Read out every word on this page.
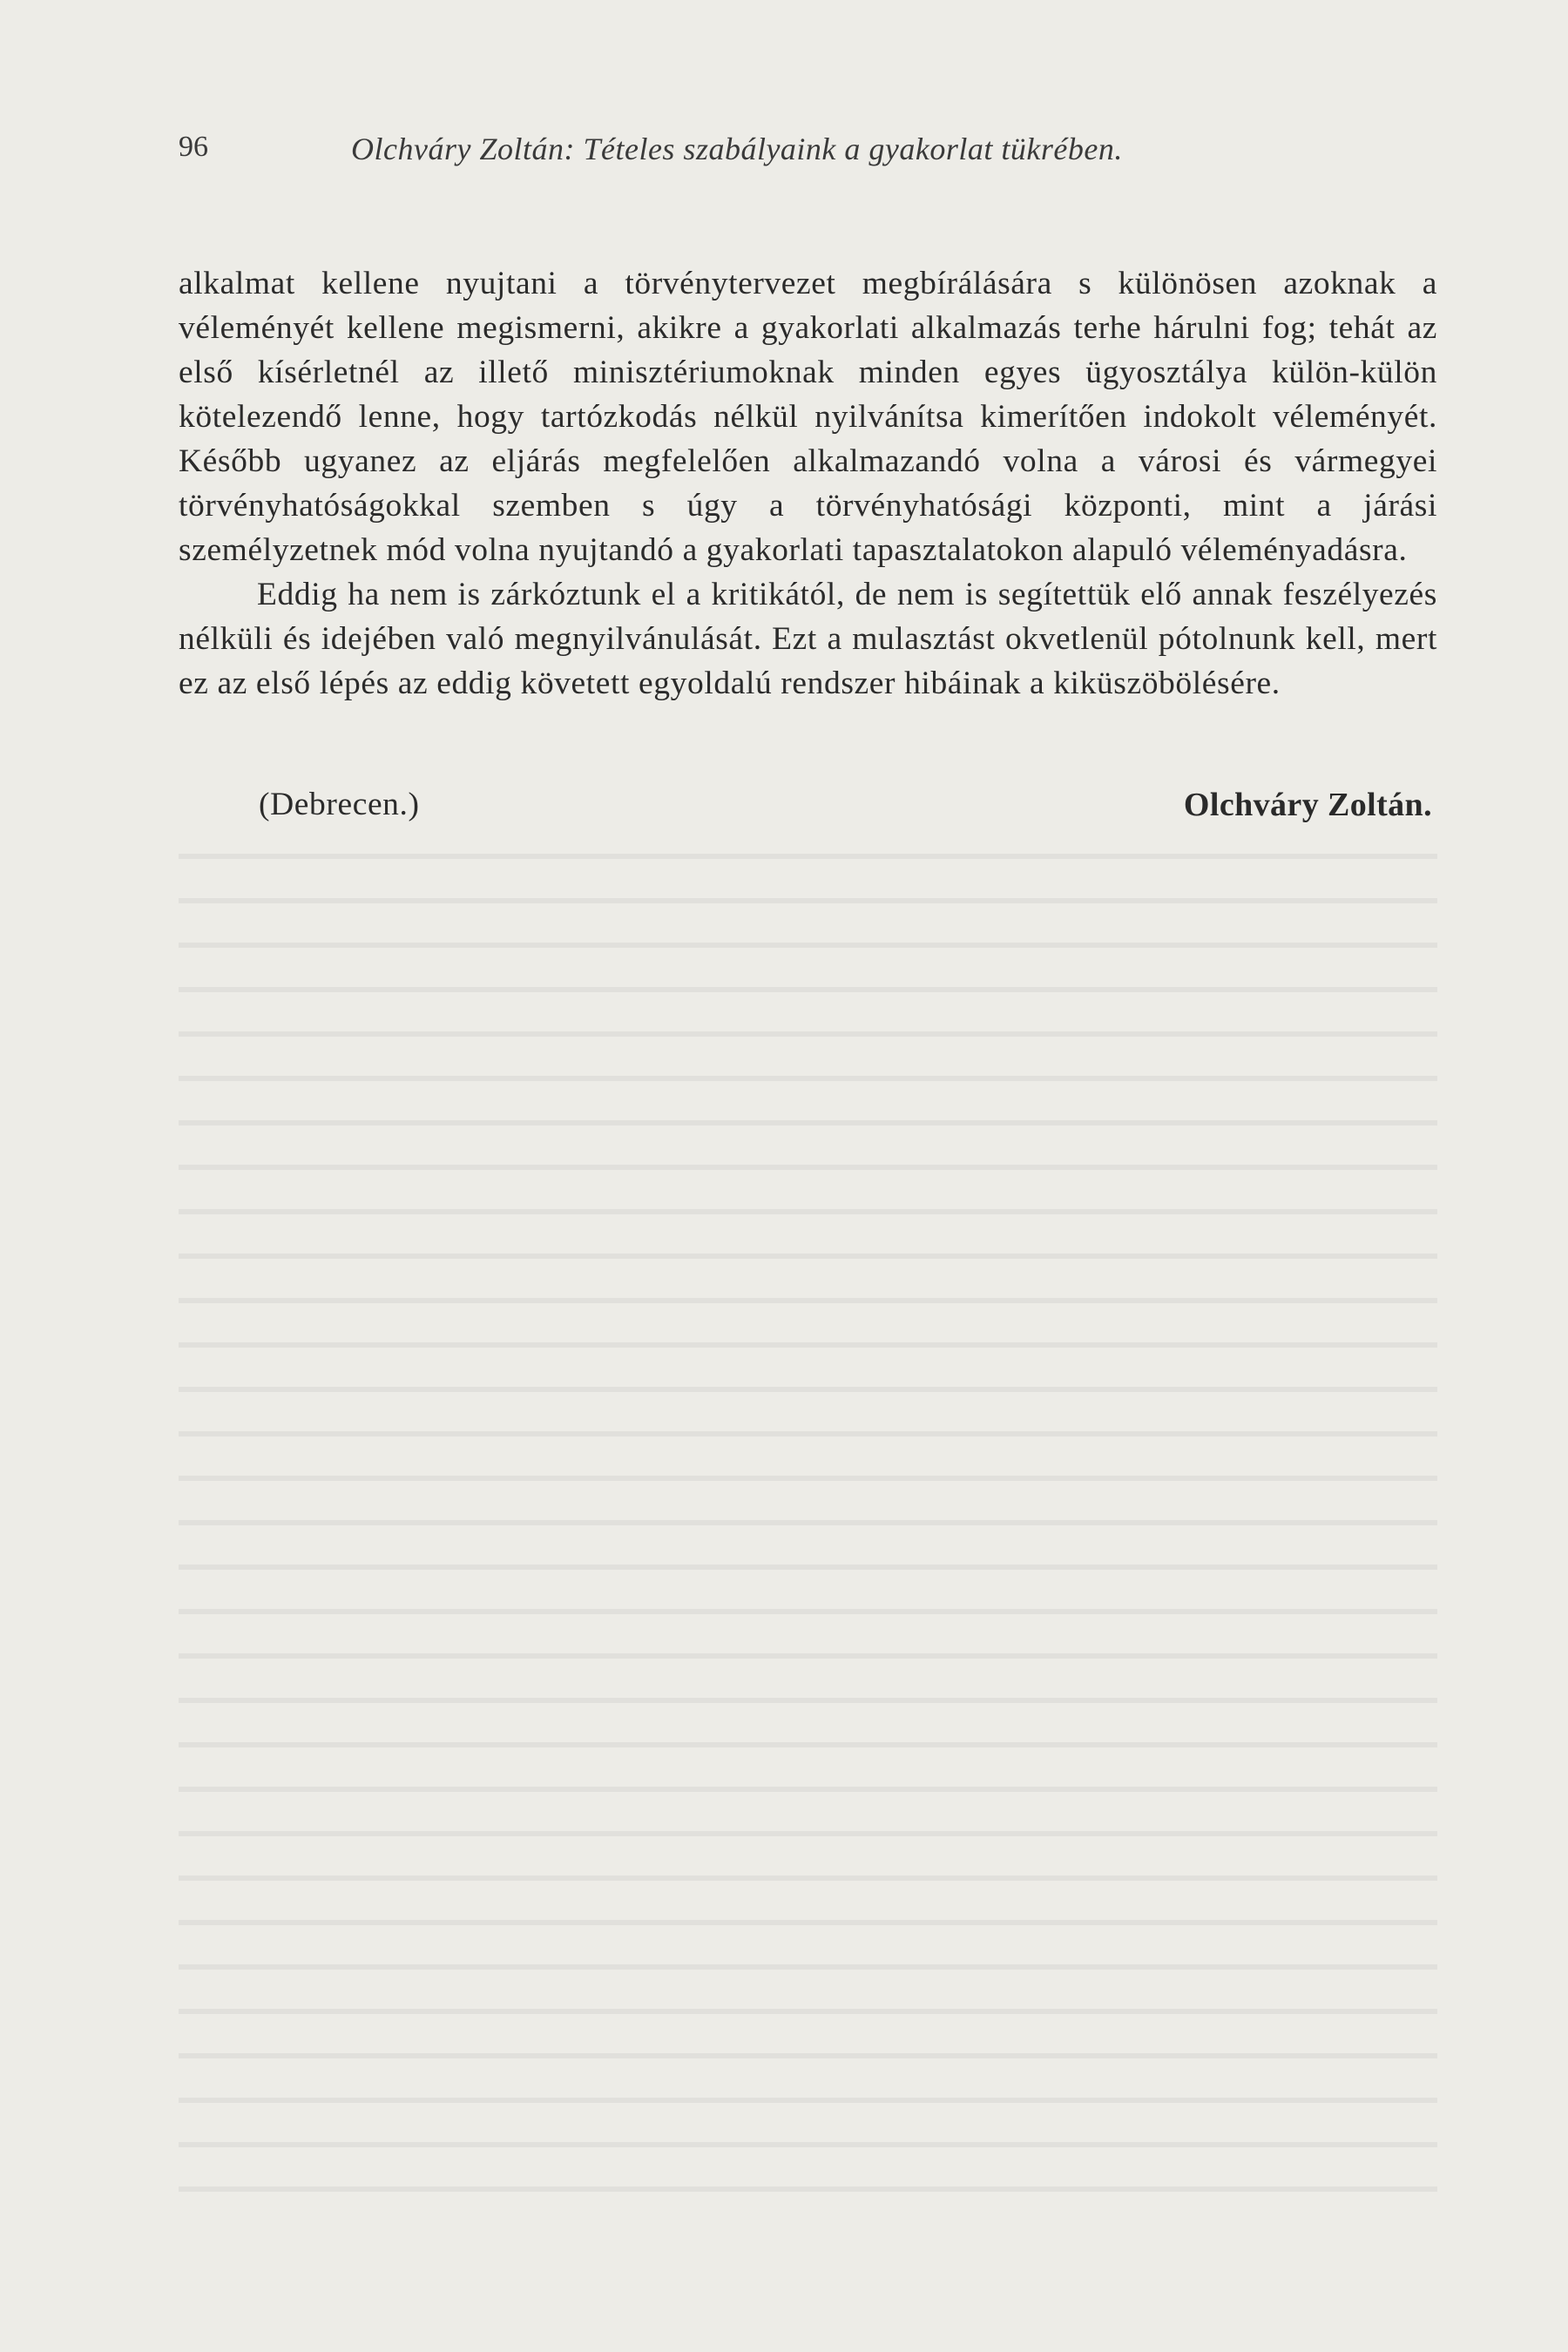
96	Olchváry Zoltán: Tételes szabályaink a gyakorlat tükrében.

alkalmat kellene nyujtani a törvénytervezet megbírálására s különösen azoknak a véleményét kellene megismerni, akikre a gyakorlati alkalmazás terhe hárulni fog; tehát az első kísérletnél az illető minisztériumoknak minden egyes ügyosztálya külön-külön kötelezendő lenne, hogy tartózkodás nélkül nyilvánítsa kimerítően indokolt véleményét. Később ugyanez az eljárás megfelelően alkalmazandó volna a városi és vármegyei törvényhatóságokkal szemben s úgy a törvényhatósági központi, mint a járási személyzetnek mód volna nyujtandó a gyakorlati tapasztalatokon alapuló véleményadásra.

Eddig ha nem is zárkóztunk el a kritikától, de nem is segítettük elő annak feszélyezés nélküli és idejében való megnyilvánulását. Ezt a mulasztást okvetlenül pótolnunk kell, mert ez az első lépés az eddig követett egyoldalú rendszer hibáinak a kiküszöbölésére.

(Debrecen.)	Olchváry Zoltán.
